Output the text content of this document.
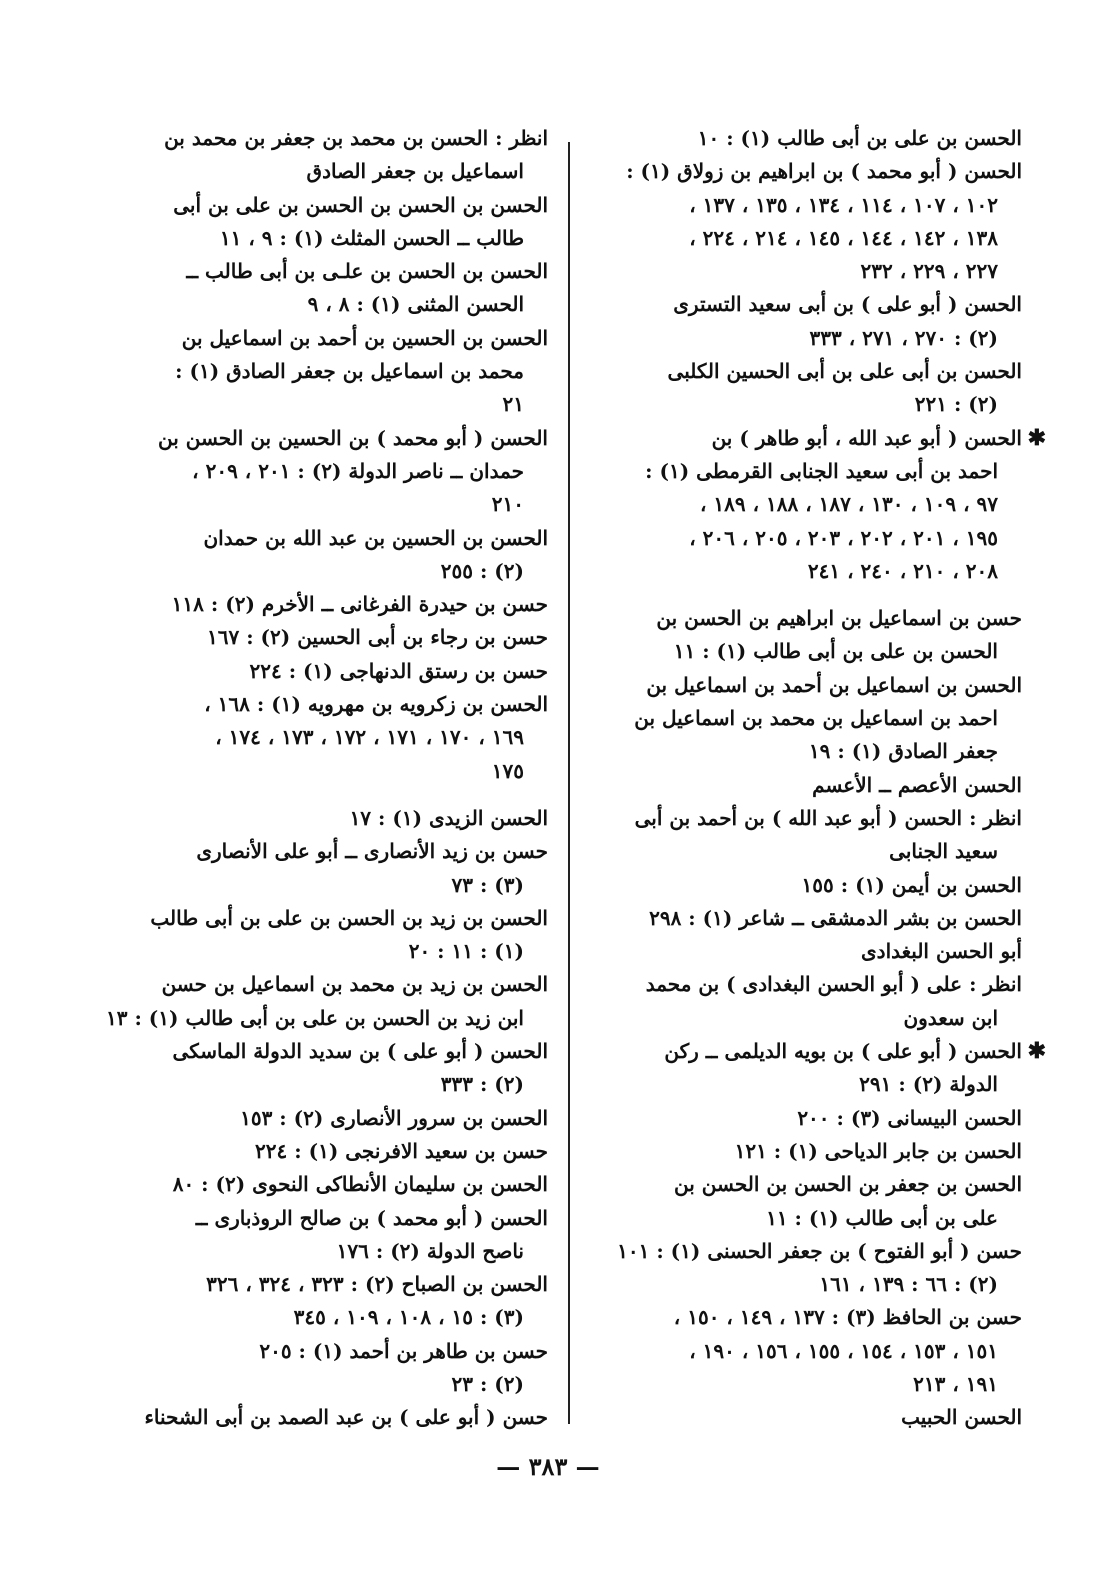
الحسن بن على بن أبى طالب (١) : ١٠
الحسن ( أبو محمد ) بن ابراهيم بن زولاق (١) :
١٠٢ ، ١٠٧ ، ١١٤ ، ١٣٤ ، ١٣٥ ، ١٣٧ ،
١٣٨ ، ١٤٢ ، ١٤٤ ، ١٤٥ ، ٢١٤ ، ٢٢٤ ،
٢٢٧ ، ٢٢٩ ، ٢٣٢
الحسن ( أبو على ) بن أبى سعيد التسترى
(٢) : ٢٧٠ ، ٢٧١ ، ٣٣٣
الحسن بن أبى على بن أبى الحسين الكلبى
(٢) : ٢٢١
الحسن ( أبو عبد الله ، أبو طاهر ) بن ✱
احمد بن أبى سعيد الجنابى القرمطى (١) :
٩٧ ، ١٠٩ ، ١٣٠ ، ١٨٧ ، ١٨٨ ، ١٨٩ ،
١٩٥ ، ٢٠١ ، ٢٠٢ ، ٢٠٣ ، ٢٠٥ ، ٢٠٦ ،
٢٠٨ ، ٢١٠ ، ٢٤٠ ، ٢٤١
حسن بن اسماعيل بن ابراهيم بن الحسن بن
الحسن بن على بن أبى طالب (١) : ١١
الحسن بن اسماعيل بن أحمد بن اسماعيل بن
احمد بن اسماعيل بن محمد بن اسماعيل بن
جعفر الصادق (١) : ١٩
الحسن الأعصم ــ الأعسم
انظر : الحسن ( أبو عبد الله ) بن أحمد بن أبى
سعيد الجنابى
الحسن بن أيمن (١) : ١٥٥
الحسن بن بشر الدمشقى ــ شاعر (١) : ٢٩٨
أبو الحسن البغدادى
انظر : على ( أبو الحسن البغدادى ) بن محمد
ابن سعدون
الحسن ( أبو على ) بن بويه الديلمى ــ ركن ✱
الدولة (٢) : ٢٩١
الحسن البيسانى (٣) : ٢٠٠
الحسن بن جابر الدياحى (١) : ١٢١
الحسن بن جعفر بن الحسن بن الحسن بن
على بن أبى طالب (١) : ١١
حسن ( أبو الفتوح ) بن جعفر الحسنى (١) : ١٠١
(٢) : ٦٦ : ١٣٩ ، ١٦١
حسن بن الحافظ (٣) : ١٣٧ ، ١٤٩ ، ١٥٠ ،
١٥١ ، ١٥٣ ، ١٥٤ ، ١٥٥ ، ١٥٦ ، ١٩٠ ،
١٩١ ، ٢١٣
الحسن الحبيب
انظر : الحسن بن محمد بن جعفر بن محمد بن
اسماعيل بن جعفر الصادق
الحسن بن الحسن بن الحسن بن على بن أبى
طالب ــ الحسن المثلث (١) : ٩ ، ١١
الحسن بن الحسن بن علـى بن أبى طالب ــ
الحسن المثنى (١) : ٨ ، ٩
الحسن بن الحسين بن أحمد بن اسماعيل بن
محمد بن اسماعيل بن جعفر الصادق (١) :
٢١
الحسن ( أبو محمد ) بن الحسين بن الحسن بن
حمدان ــ ناصر الدولة (٢) : ٢٠١ ، ٢٠٩ ،
٢١٠
الحسن بن الحسين بن عبد الله بن حمدان
(٢) : ٢٥٥
حسن بن حيدرة الفرغانى ــ الأخرم (٢) : ١١٨
حسن بن رجاء بن أبى الحسين (٢) : ١٦٧
حسن بن رستق الدنهاجى (١) : ٢٢٤
الحسن بن زكرويه بن مهرويه (١) : ١٦٨ ،
١٦٩ ، ١٧٠ ، ١٧١ ، ١٧٢ ، ١٧٣ ، ١٧٤ ،
١٧٥
الحسن الزيدى (١) : ١٧
حسن بن زيد الأنصارى ــ أبو على الأنصارى
(٣) : ٧٣
الحسن بن زيد بن الحسن بن على بن أبى طالب
(١) : ١١ : ٢٠
الحسن بن زيد بن محمد بن اسماعيل بن حسن
ابن زيد بن الحسن بن على بن أبى طالب (١) : ١٣
الحسن ( أبو على ) بن سديد الدولة الماسكى
(٢) : ٣٣٣
الحسن بن سرور الأنصارى (٢) : ١٥٣
حسن بن سعيد الافرنجى (١) : ٢٢٤
الحسن بن سليمان الأنطاكى النحوى (٢) : ٨٠
الحسن ( أبو محمد ) بن صالح الروذبارى ــ
ناصح الدولة (٢) : ١٧٦
الحسن بن الصباح (٢) : ٣٢٣ ، ٣٢٤ ، ٣٢٦
(٣) : ١٥ ، ١٠٨ ، ١٠٩ ، ٣٤٥
حسن بن طاهر بن أحمد (١) : ٢٠٥
(٢) : ٢٣
حسن ( أبو على ) بن عبد الصمد بن أبى الشحناء
— ٣٨٣ —
